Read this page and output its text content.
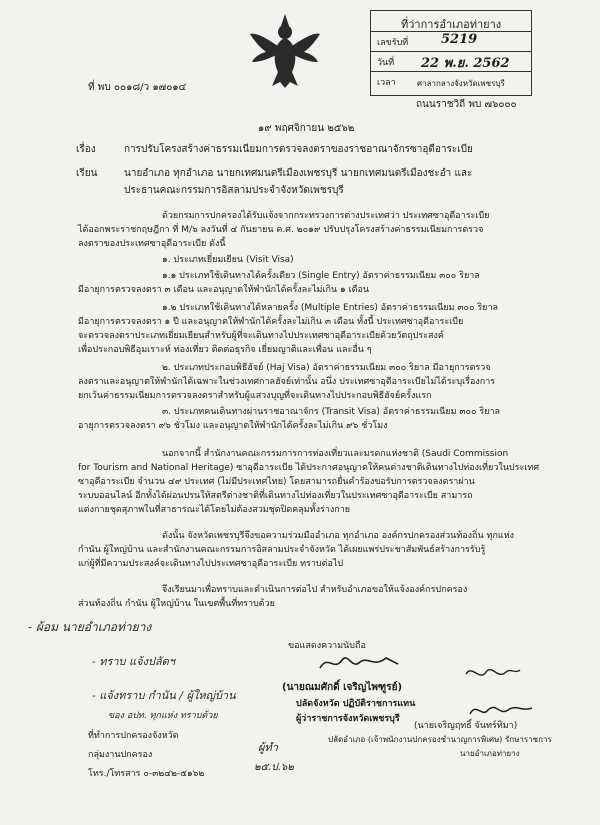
ที่ว่าการอำเภอท่ายาง
เลขรับที่	5219
วันที่ 22 พ.ย. 2562
เวลา	ศาลากลางจังหวัดเพชรบุรี
ที่ พบ ๐๐๑๘/ว ๑๗๐๑๔
ถนนราชวิถี พบ ๗๖๐๐๐
๑๙ พฤศจิกายน ๒๕๖๒
เรื่อง	การปรับโครงสร้างค่าธรรมเนียมการตรวจลงตราของราชอาณาจักรซาอุดีอาระเบีย
เรียน	นายอำเภอ ทุกอำเภอ นายกเทศมนตรีเมืองเพชรบุรี นายกเทศมนตรีเมืองชะอำ และ
ประธานคณะกรรมการอิสลามประจำจังหวัดเพชรบุรี
ด้วยกรมการปกครองได้รับแจ้งจากกระทรวงการต่างประเทศว่า ประเทศซาอุดีอาระเบีย
ได้ออกพระราชกฤษฎีกา ที่ M/๖ ลงวันที่ ๔ กันยายน ค.ศ. ๒๐๑๙ ปรับปรุงโครงสร้างค่าธรรมเนียมการตรวจ
ลงตราของประเทศซาอุดีอาระเบีย ดังนี้
๑. ประเภทเยี่ยมเยียน (Visit Visa)
๑.๑ ประเภทใช้เดินทางได้ครั้งเดียว (Single Entry) อัตราค่าธรรมเนียม ๓๐๐ ริยาล
มีอายุการตรวจลงตรา ๓ เดือน และอนุญาตให้พำนักได้ครั้งละไม่เกิน ๑ เดือน
๑.๒ ประเภทใช้เดินทางได้หลายครั้ง (Multiple Entries) อัตราค่าธรรมเนียม ๓๐๐ ริยาล
มีอายุการตรวจลงตรา ๑ ปี และอนุญาตให้พำนักได้ครั้งละไม่เกิน ๓ เดือน ทั้งนี้ ประเทศซาอุดีอาระเบีย
จะตรวจลงตราประเภทเยี่ยมเยียนสำหรับผู้ที่จะเดินทางไปประเทศซาอุดีอาระเบียด้วยวัตถุประสงค์
เพื่อประกอบพิธีอุมเราะห์ ท่องเที่ยว ติดต่อธุรกิจ เยี่ยมญาติและเพื่อน และอื่น ๆ
๒. ประเภทประกอบพิธีฮัจย์ (Haj Visa) อัตราค่าธรรมเนียม ๓๐๐ ริยาล มีอายุการตรวจ
ลงตราและอนุญาตให้พำนักได้เฉพาะในช่วงเทศกาลฮัจย์เท่านั้น อนึ่ง ประเทศซาอุดีอาระเบียไม่ได้ระบุเรื่องการ
ยกเว้นค่าธรรมเนียมการตรวจลงตราสำหรับผู้แสวงบุญที่จะเดินทางไปประกอบพิธีฮัจย์ครั้งแรก
๓. ประเภทคนเดินทางผ่านราชอาณาจักร (Transit Visa) อัตราค่าธรรมเนียม ๓๐๐ ริยาล
อายุการตรวจลงตรา ๙๖ ชั่วโมง และอนุญาตให้พำนักได้ครั้งละไม่เกิน ๙๖ ชั่วโมง
นอกจากนี้ สำนักงานคณะกรรมการการท่องเที่ยวและมรดกแห่งชาติ (Saudi Commission
for Tourism and National Heritage) ซาอุดีอาระเบีย ได้ประกาศอนุญาตให้คนต่างชาติเดินทางไปท่องเที่ยวในประเทศ
ซาอุดีอาระเบีย จำนวน ๔๙ ประเทศ (ไม่มีประเทศไทย) โดยสามารถยื่นคำร้องขอรับการตรวจลงตราผ่าน
ระบบออนไลน์ อีกทั้งได้ผ่อนปรนให้สตรีต่างชาติที่เดินทางไปท่องเที่ยวในประเทศซาอุดีอาระเบีย สามารถ
แต่งกายชุดสุภาพในที่สาธารณะได้โดยไม่ต้องสวมชุดปิดคลุมทั้งร่างกาย
ดังนั้น จังหวัดเพชรบุรีจึงขอความร่วมมืออำเภอ ทุกอำเภอ องค์กรปกครองส่วนท้องถิ่น ทุกแห่ง
กำนัน ผู้ใหญ่บ้าน และสำนักงานคณะกรรมการอิสลามประจำจังหวัด ได้เผยแพร่ประชาสัมพันธ์สร้างการรับรู้
แก่ผู้ที่มีความประสงค์จะเดินทางไปประเทศซาอุดีอาระเบีย ทราบต่อไป
จึงเรียนมาเพื่อทราบและดำเนินการต่อไป สำหรับอำเภอขอให้แจ้งองค์กรปกครอง
ส่วนท้องถิ่น กำนัน ผู้ใหญ่บ้าน ในเขตพื้นที่ทราบด้วย
- ผ้อม นายอำเภอท่ายาง
- ทราบ แจ้งปลัดฯ
- แจ้งทราบ กำนัน / ผู้ใหญ่บ้าน
ของ อปท. ทุกแห่ง ทราบด้วย
ขอแสดงความนับถือ
(นายณมศักดิ์ เจริญไพฑูรย์)
ปลัดจังหวัด ปฏิบัติราชการแทน
ผู้ว่าราชการจังหวัดเพชรบุรี
(นายเจริญฤทธิ์ จันทร์ทิมา)
ปลัดอำเภอ (เจ้าพนักงานปกครองชำนาญการพิเศษ) รักษาราชการ
นายอำเภอท่ายาง
ที่ทำการปกครองจังหวัด
กลุ่มงานปกครอง
โทร./โทรสาร ๐-๓๒๔๒-๕๑๖๒
ผู้ทำ
๒๕.ป.๖๒
